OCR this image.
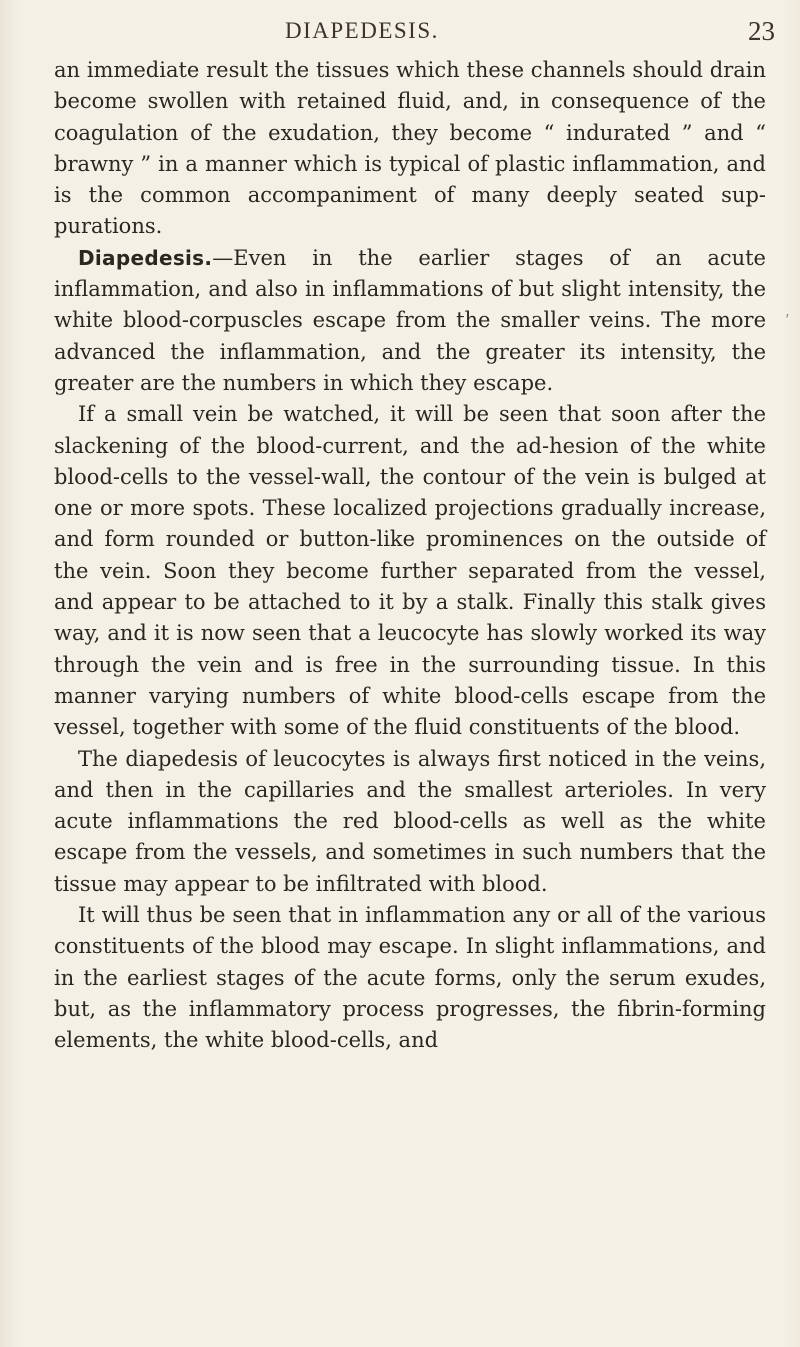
DIAPEDESIS.	23
´

an immediate result the tissues which these channels should drain become swollen with retained fluid, and, in consequence of the coagulation of the exudation, they become “ indurated ” and “ brawny ” in a manner which is typical of plastic inflammation, and is the common accompaniment of many deeply seated sup-purations.

Diapedesis.—Even in the earlier stages of an acute inflammation, and also in inflammations of but slight intensity, the white blood-corpuscles escape from the smaller veins. The more advanced the inflammation, and the greater its intensity, the greater are the numbers in which they escape.

If a small vein be watched, it will be seen that soon after the slackening of the blood-current, and the ad-hesion of the white blood-cells to the vessel-wall, the contour of the vein is bulged at one or more spots. These localized projections gradually increase, and form rounded or button-like prominences on the outside of the vein. Soon they become further separated from the vessel, and appear to be attached to it by a stalk. Finally this stalk gives way, and it is now seen that a leucocyte has slowly worked its way through the vein and is free in the surrounding tissue. In this manner varying numbers of white blood-cells escape from the vessel, together with some of the fluid constituents of the blood.

The diapedesis of leucocytes is always first noticed in the veins, and then in the capillaries and the smallest arterioles. In very acute inflammations the red blood-cells as well as the white escape from the vessels, and sometimes in such numbers that the tissue may appear to be infiltrated with blood.

It will thus be seen that in inflammation any or all of the various constituents of the blood may escape. In slight inflammations, and in the earliest stages of the acute forms, only the serum exudes, but, as the inflammatory process progresses, the fibrin-forming elements, the white blood-cells, and
